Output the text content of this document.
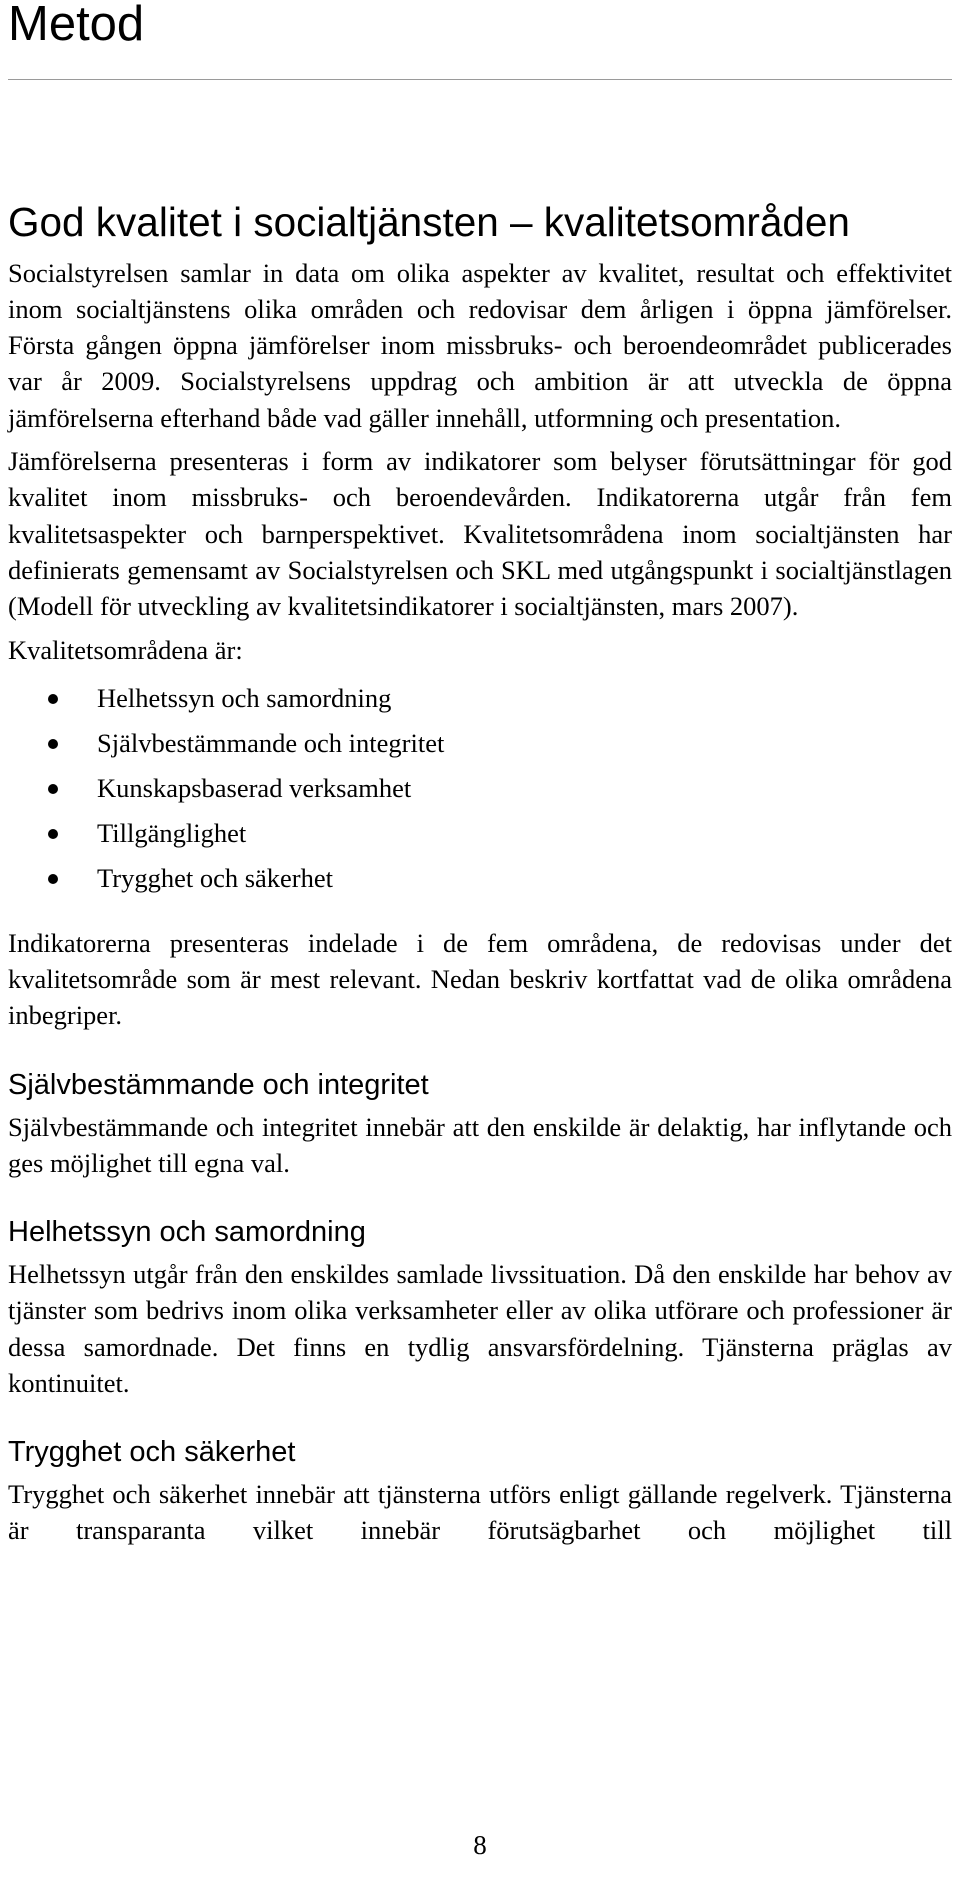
Metod
God kvalitet i socialtjänsten – kvalitetsområden

Socialstyrelsen samlar in data om olika aspekter av kvalitet, resultat och effektivitet inom socialtjänstens olika områden och redovisar dem årligen i öppna jämförelser. Första gången öppna jämförelser inom missbruks- och beroendeområdet publicerades var år 2009. Socialstyrelsens uppdrag och ambition är att utveckla de öppna jämförelserna efterhand både vad gäller innehåll, utformning och presentation.

Jämförelserna presenteras i form av indikatorer som belyser förutsättningar för god kvalitet inom missbruks- och beroendevården. Indikatorerna utgår från fem kvalitetsaspekter och barnperspektivet. Kvalitetsområdena inom socialtjänsten har definierats gemensamt av Socialstyrelsen och SKL med utgångspunkt i socialtjänstlagen (Modell för utveckling av kvalitetsindikatorer i socialtjänsten, mars 2007).

Kvalitetsområdena är:

Helhetssyn och samordning
Självbestämmande och integritet
Kunskapsbaserad verksamhet
Tillgänglighet
Trygghet och säkerhet

Indikatorerna presenteras indelade i de fem områdena, de redovisas under det kvalitetsområde som är mest relevant. Nedan beskriv kortfattat vad de olika områdena inbegriper.

Självbestämmande och integritet

Självbestämmande och integritet innebär att den enskilde är delaktig, har inflytande och ges möjlighet till egna val.

Helhetssyn och samordning

Helhetssyn utgår från den enskildes samlade livssituation. Då den enskilde har behov av tjänster som bedrivs inom olika verksamheter eller av olika utförare och professioner är dessa samordnade. Det finns en tydlig ansvarsfördelning. Tjänsterna präglas av kontinuitet.

Trygghet och säkerhet

Trygghet och säkerhet innebär att tjänsterna utförs enligt gällande regelverk. Tjänsterna är transparanta vilket innebär förutsägbarhet och möjlighet till

8
